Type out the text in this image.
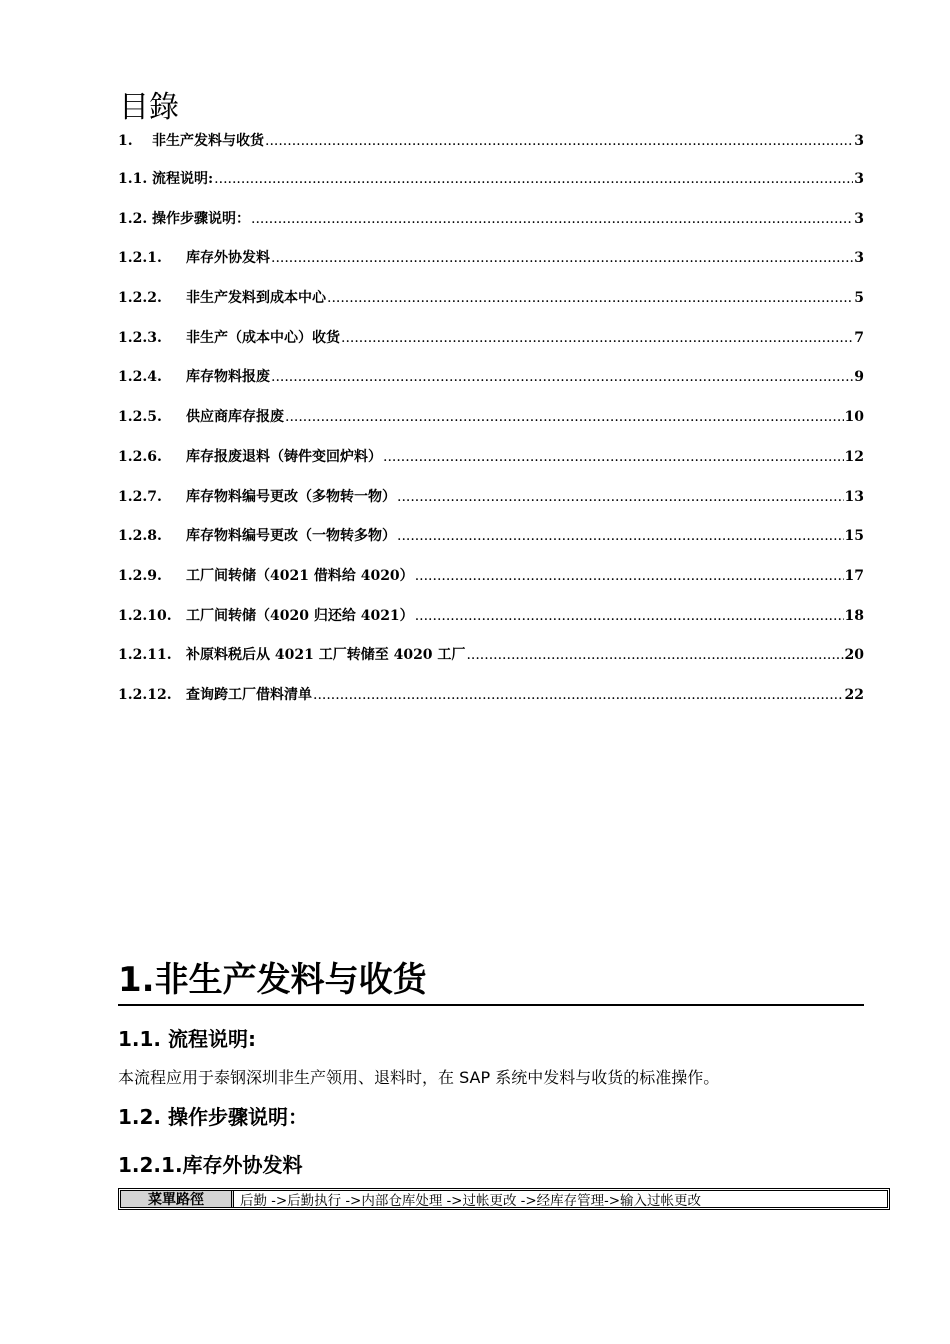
目錄
1.	非生产发料与收货 .....	3
1.1. 流程说明: .....	3
1.2. 操作步骤说明： .....	3
1.2.1.	库存外协发料 .....	3
1.2.2.	非生产发料到成本中心 .....	5
1.2.3.	非生产（成本中心）收货 .....	7
1.2.4.	库存物料报废 .....	9
1.2.5.	供应商库存报废 .....	10
1.2.6.	库存报废退料（铸件变回炉料） .....	12
1.2.7.	库存物料编号更改（多物转一物） .....	13
1.2.8.	库存物料编号更改（一物转多物） .....	15
1.2.9.	工厂间转储（4021 借料给 4020） .....	17
1.2.10.	工厂间转储（4020 归还给 4021） .....	18
1.2.11.	补原料税后从 4021 工厂转储至 4020 工厂 .....	20
1.2.12.	查询跨工厂借料清单 .....	22
1.非生产发料与收货
1.1. 流程说明:

本流程应用于泰钢深圳非生产领用、退料时，在 SAP 系统中发料与收货的标准操作。

1.2. 操作步骤说明：
1.2.1.库存外协发料
菜單路徑	后勤 ->后勤执行 ->内部仓库处理 ->过帐更改 ->经库存管理->输入过帐更改
